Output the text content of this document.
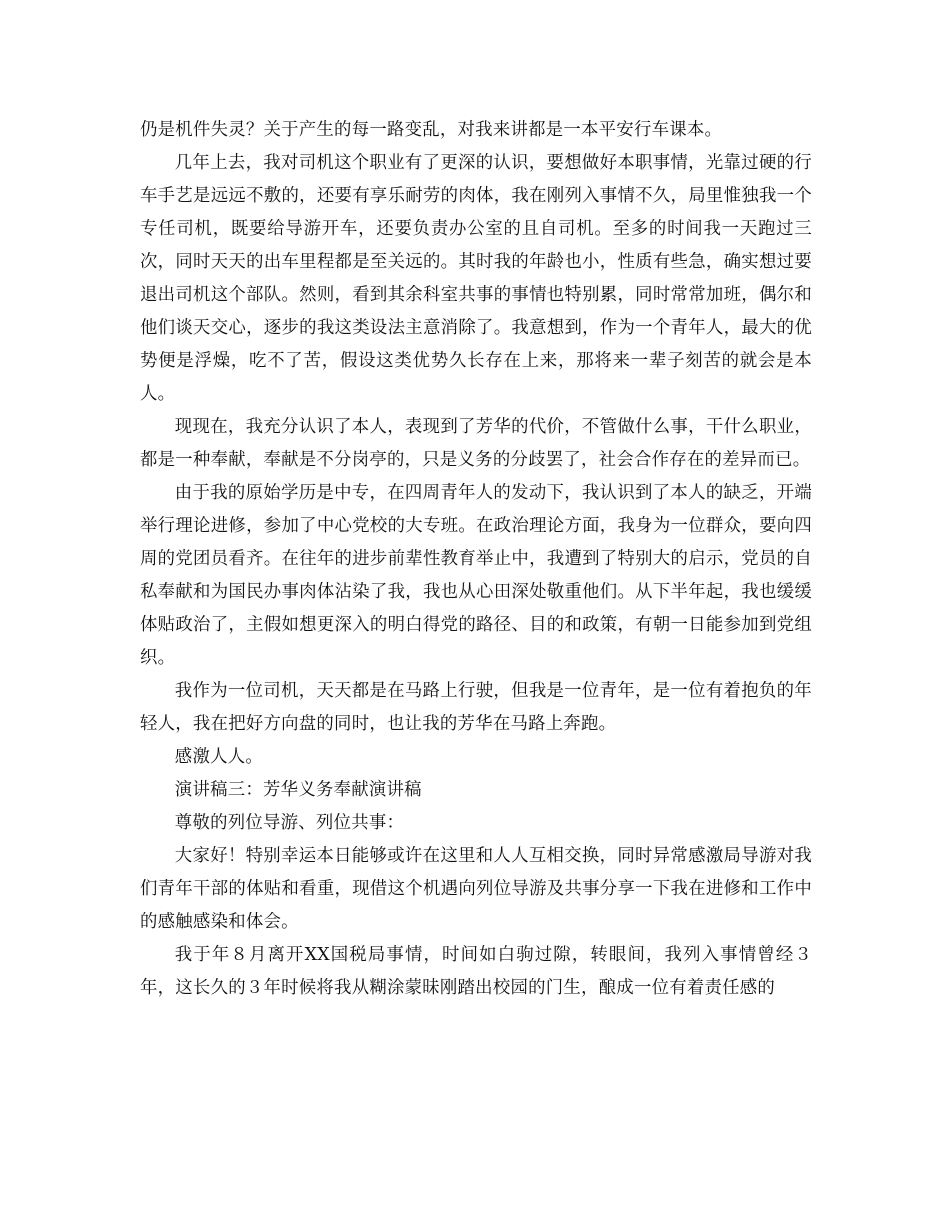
仍是机件失灵？关于产生的每一路变乱，对我来讲都是一本平安行车课本。

几年上去，我对司机这个职业有了更深的认识，要想做好本职事情，光靠过硬的行车手艺是远远不敷的，还要有享乐耐劳的肉体，我在刚列入事情不久，局里惟独我一个专任司机，既要给导游开车，还要负责办公室的且自司机。至多的时间我一天跑过三次，同时天天的出车里程都是至关远的。其时我的年龄也小，性质有些急，确实想过要退出司机这个部队。然则，看到其余科室共事的事情也特别累，同时常常加班，偶尔和他们谈天交心，逐步的我这类设法主意消除了。我意想到，作为一个青年人，最大的优势便是浮燥，吃不了苦，假设这类优势久长存在上来，那将来一辈子刻苦的就会是本人。

现现在，我充分认识了本人，表现到了芳华的代价，不管做什么事，干什么职业，都是一种奉献，奉献是不分岗亭的，只是义务的分歧罢了，社会合作存在的差异而已。

由于我的原始学历是中专，在四周青年人的发动下，我认识到了本人的缺乏，开端举行理论进修，参加了中心党校的大专班。在政治理论方面，我身为一位群众，要向四周的党团员看齐。在往年的进步前辈性教育举止中，我遭到了特别大的启示，党员的自私奉献和为国民办事肉体沾染了我，我也从心田深处敬重他们。从下半年起，我也缓缓体贴政治了，主假如想更深入的明白得党的路径、目的和政策，有朝一日能参加到党组织。

我作为一位司机，天天都是在马路上行驶，但我是一位青年，是一位有着抱负的年轻人，我在把好方向盘的同时，也让我的芳华在马路上奔跑。

感激人人。

演讲稿三：芳华义务奉献演讲稿

尊敬的列位导游、列位共事：

大家好！特别幸运本日能够或许在这里和人人互相交换，同时异常感激局导游对我们青年干部的体贴和看重，现借这个机遇向列位导游及共事分享一下我在进修和工作中的感触感染和体会。

我于年８月离开XX国税局事情，时间如白驹过隙，转眼间，我列入事情曾经３年，这长久的３年时候将我从糊涂蒙昧刚踏出校园的门生，酿成一位有着责任感的
